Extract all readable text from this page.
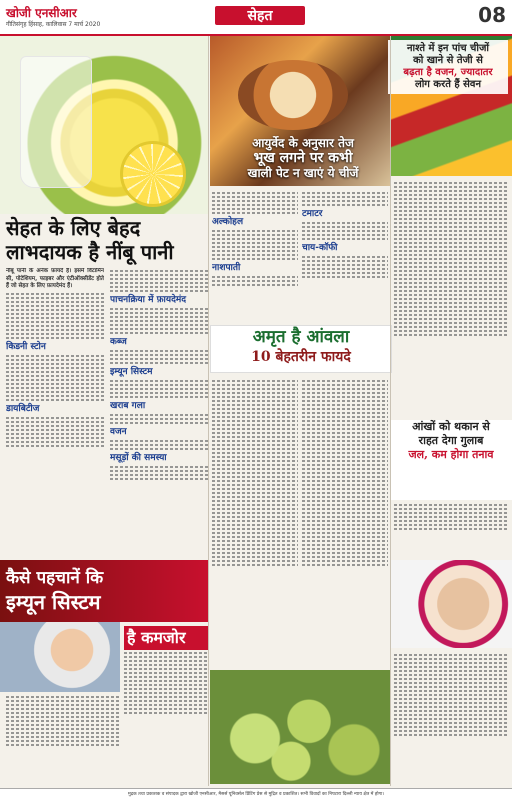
खोजी एनसीआर
गीतिसंगृह हिंसाह, कालिवास 7 मार्च 2020
सेहत	08
सेहत के लिए बेहद
लाभदायक है नींबू पानी
नींबू पानी के अनेक फ़ायदे हैं। इसमें विटामिन सी, पोटेशियम, फाइबर और एंटीऑक्सीडेंट होते हैं जो सेहत के लिए फ़ायदेमंद हैं।
किडनी स्टोन
डायबिटीज
पाचनक्रिया में फ़ायदेमंद
कब्ज
इम्यून सिस्टम
खराब गला
वजन
मसूड़ों की समस्या
कैसे पहचानें कि
इम्यून सिस्टम
है कमजोर
आयुर्वेद के अनुसार तेज
भूख लगने पर कभी
खाली पेट न खाएं ये चीजें
अल्कोहल
नाशपाती
टमाटर
चाय-कॉफी
अमृत है आंवला
10 बेहतरीन फायदे
नाश्ते में इन पांच चीजों
को खाने से तेजी से
बढ़ता है वजन, ज्यादातर
लोग करते हैं सेवन
आंखों को थकान से
राहत देगा गुलाब
जल, कम होगा तनाव
मुद्रक तथा प्रकाशक व संपादक द्वारा खोजी एनसीआर, मैसर्स यूनिवर्सल प्रिंटिंग प्रेस से मुद्रित व प्रकाशित। सभी विवादों का निपटारा दिल्ली न्याय क्षेत्र में होगा।
